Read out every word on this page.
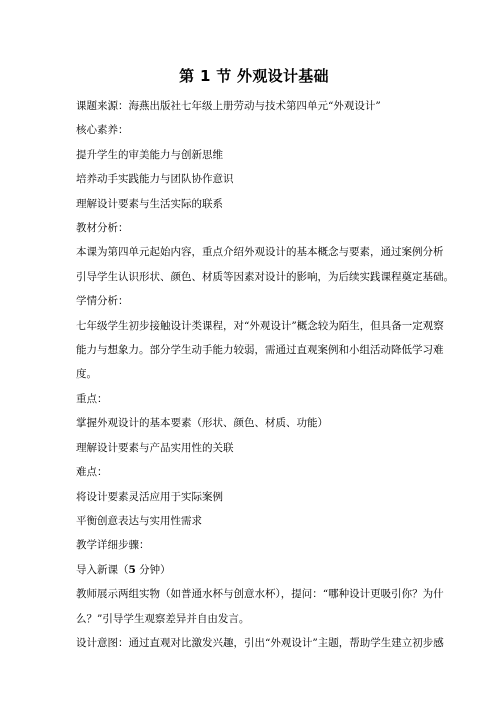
第 1 节 外观设计基础

课题来源：海燕出版社七年级上册劳动与技术第四单元“外观设计”

核心素养：

提升学生的审美能力与创新思维

培养动手实践能力与团队协作意识

理解设计要素与生活实际的联系

教材分析：

本课为第四单元起始内容，重点介绍外观设计的基本概念与要素，通过案例分析

引导学生认识形状、颜色、材质等因素对设计的影响，为后续实践课程奠定基础。

学情分析：

七年级学生初步接触设计类课程，对“外观设计”概念较为陌生，但具备一定观察

能力与想象力。部分学生动手能力较弱，需通过直观案例和小组活动降低学习难

度。

重点：

掌握外观设计的基本要素（形状、颜色、材质、功能）

理解设计要素与产品实用性的关联

难点：

将设计要素灵活应用于实际案例

平衡创意表达与实用性需求

教学详细步骤：

导入新课（5 分钟）

教师展示两组实物（如普通水杯与创意水杯），提问：“哪种设计更吸引你？为什

么？”引导学生观察差异并自由发言。

设计意图：通过直观对比激发兴趣，引出“外观设计”主题，帮助学生建立初步感
